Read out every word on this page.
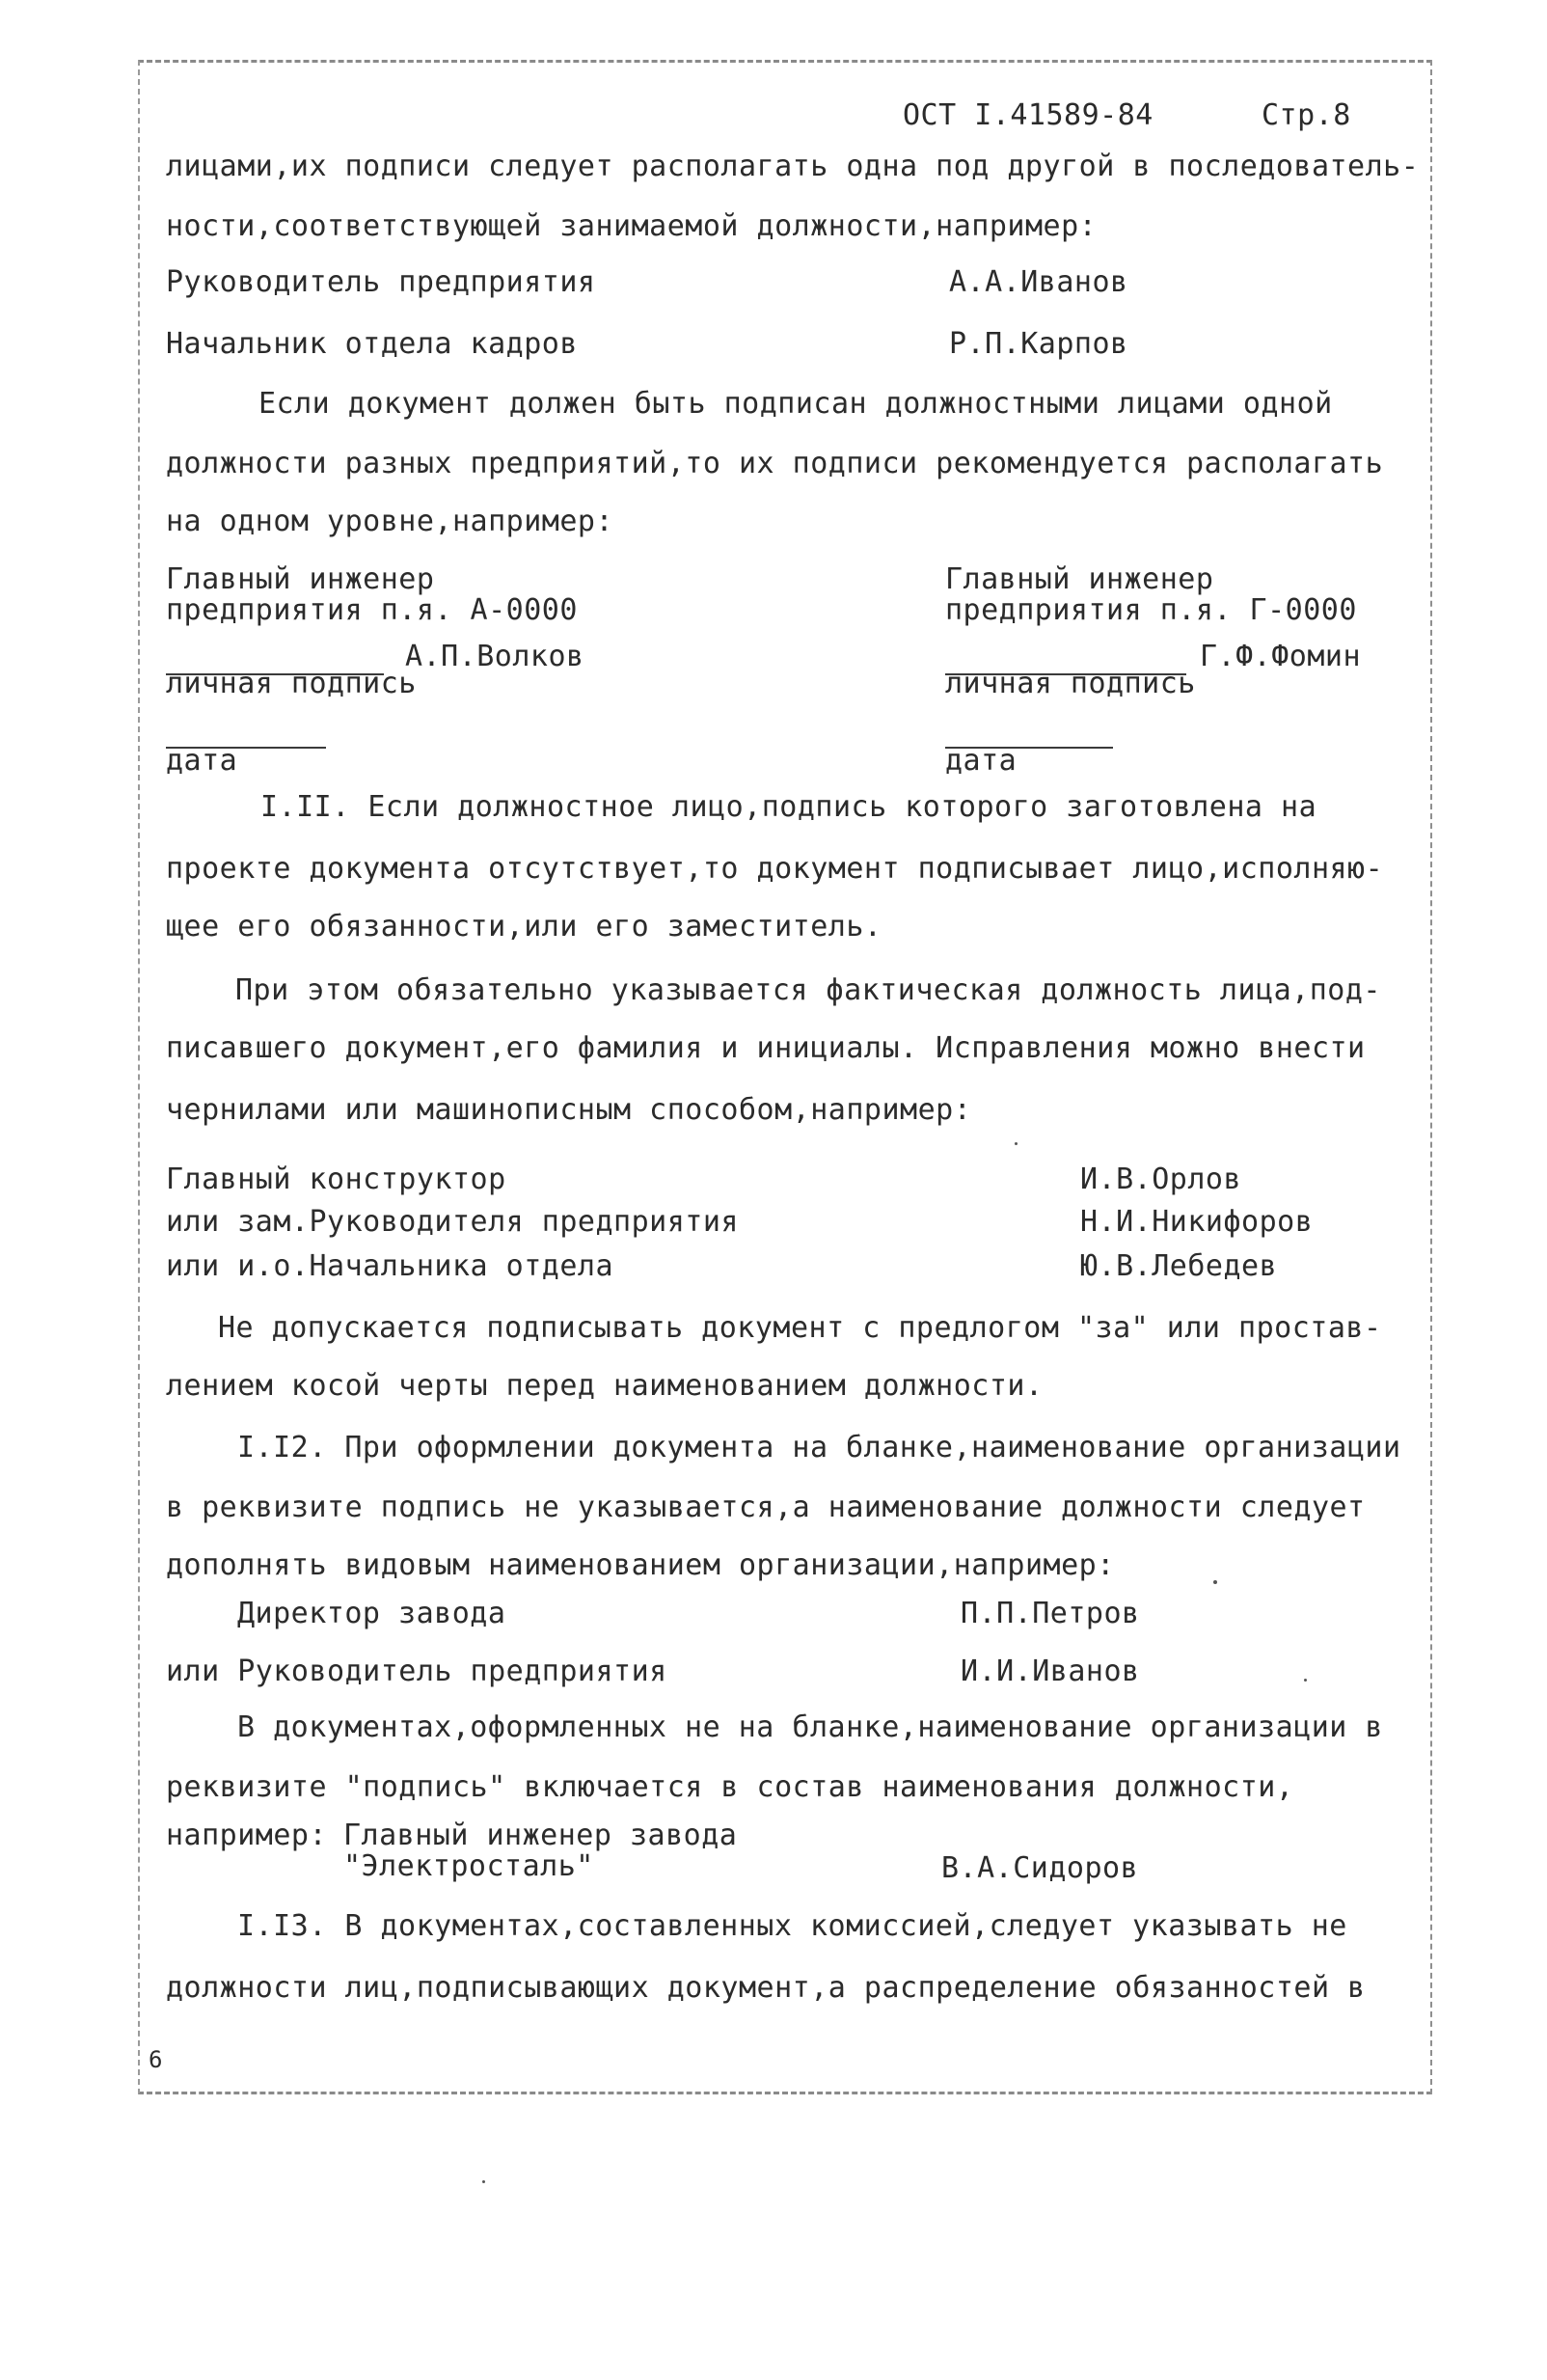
ОСТ I.41589-84	Стр.8
лицами,их подписи следует располагать одна под другой в последователь-
ности,соответствующей занимаемой должности,например:
Руководитель предприятия	А.А.Иванов
Начальник отдела кадров	Р.П.Карпов
Если документ должен быть подписан должностными лицами одной
должности разных предприятий,то их подписи рекомендуется располагать
на одном уровне,например:
Главный инженер
предприятия п.я. А-0000
А.П.Волков
личная подпись
дата
Главный инженер
предприятия п.я. Г-0000
Г.Ф.Фомин
личная подпись
дата
I.II. Если должностное лицо,подпись которого заготовлена на
проекте документа отсутствует,то документ подписывает лицо,исполняю-
щее его обязанности,или его заместитель.
При этом обязательно указывается фактическая должность лица,под-
писавшего документ,его фамилия и инициалы. Исправления можно внести
чернилами или машинописным способом,например:
Главный конструктор	И.В.Орлов
или зам.Руководителя предприятия	Н.И.Никифоров
или и.о.Начальника отдела	Ю.В.Лебедев
Не допускается подписывать документ с предлогом "за" или простав-
лением косой черты перед наименованием должности.
I.I2. При оформлении документа на бланке,наименование организации
в реквизите подпись не указывается,а наименование должности следует
дополнять видовым наименованием организации,например:
Директор завода	П.П.Петров
или Руководитель предприятия	И.И.Иванов
В документах,оформленных не на бланке,наименование организации в
реквизите "подпись" включается в состав наименования должности,
например: Главный инженер завода
"Электросталь"	В.А.Сидоров
I.I3. В документах,составленных комиссией,следует указывать не
должности лиц,подписывающих документ,а распределение обязанностей в
6
